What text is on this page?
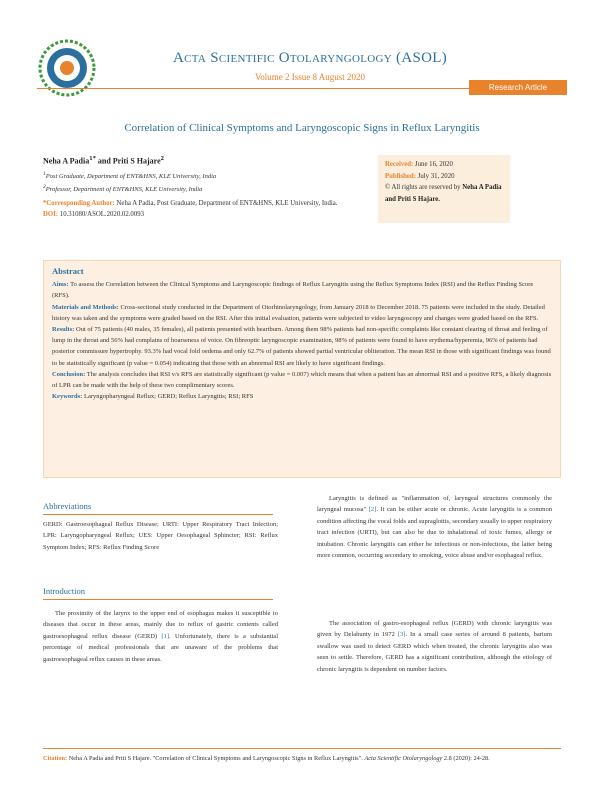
Acta Scientific Otolaryngology (ASOL)
Volume 2 Issue 8 August 2020
Research Article
Correlation of Clinical Symptoms and Laryngoscopic Signs in Reflux Laryngitis
Neha A Padia$^{1*}$ and Priti S Hajare$^2$
$^1$Post Graduate, Department of ENT&HNS, KLE University, India
$^2$Professor, Department of ENT&HNS, KLE University, India
*Corresponding Author: Neha A Padia, Post Graduate, Department of ENT&HNS, KLE University, India.
DOI: 10.31080/ASOL.2020.02.0093
Received: June 16, 2020
Published: July 31, 2020
© All rights are reserved by Neha A Padia and Priti S Hajare.
Abstract
Aims: To assess the Correlation between the Clinical Symptoms and Laryngoscopic findings of Reflux Laryngitis using the Reflux Symptoms Index (RSI) and the Reflux Finding Score (RFS).
Materials and Methods: Cross-sectional study conducted in the Department of Otorhinolaryngology, from January 2018 to December 2018. 75 patients were included in the study. Detailed history was taken and the symptoms were graded based on the RSI. After this initial evaluation, patients were subjected to video laryngoscopy and changes were graded based on the RFS.
Results: Out of 75 patients (40 males, 35 females), all patients presented with heartburn. Among them 98% patients had non-specific complaints like constant clearing of throat and feeling of lump in the throat and 56% had complains of hoarseness of voice. On fibreoptic laryngoscopic examination, 98% of patients were found to have erythema/hyperemia, 96% of patients had posterior commissure hypertrophy. 93.3% had vocal fold oedema and only 62.7% of patients showed partial ventricular obliteration. The mean RSI in those with significant findings was found to be statistically significant (p value = 0.054) indicating that those with an abnormal RSI are likely to have significant findings.
Conclusion: The analysis concludes that RSI v/s RFS are statistically significant (p value = 0.007) which means that when a patient has an abnormal RSI and a positive RFS, a likely diagnosis of LPR can be made with the help of these two complimentary scores.
Keywords: Laryngopharyngeal Reflux; GERD; Reflux Laryngitis; RSI; RFS
Abbreviations
GERD: Gastroesophageal Reflux Disease; URTI: Upper Respiratory Tract Infection; LPR: Laryngopharyngeal Reflux; UES: Upper Oesophageal Sphincter; RSI: Reflux Symptom Index; RFS: Reflux Finding Score
Introduction
The proximity of the larynx to the upper end of esophagus makes it susceptible to diseases that occur in these areas, mainly due to reflux of gastric contents called gastroesophageal reflux disease (GERD) [1]. Unfortunately, there is a substantial percentage of medical professionals that are unaware of the problems that gastroesophageal reflux causes in these areas.
Laryngitis is defined as "inflammation of, laryngeal structures commonly the laryngeal mucosa" [2]. It can be either acute or chronic. Acute laryngitis is a common condition affecting the vocal folds and supraglottis, secondary usually to upper respiratory tract infection (URTI), but can also be due to inhalational of toxic fumes, allergy or intubation. Chronic laryngitis can either be infectious or non-infectious, the latter being more common, occurring secondary to smoking, voice abuse and/or esophageal reflux.
The association of gastro-esophageal reflux (GERD) with chronic laryngitis was given by Delahunty in 1972 [3]. In a small case series of around 8 patients, barium swallow was used to detect GERD which when treated, the chronic laryngitis also was seen to settle. Therefore, GERD has a significant contribution, although the etiology of chronic laryngitis is dependent on number factors.
Citation: Neha A Padia and Priti S Hajare. "Correlation of Clinical Symptoms and Laryngoscopic Signs in Reflux Laryngitis". Acta Scientific Otolaryngology 2.8 (2020): 24-28.
